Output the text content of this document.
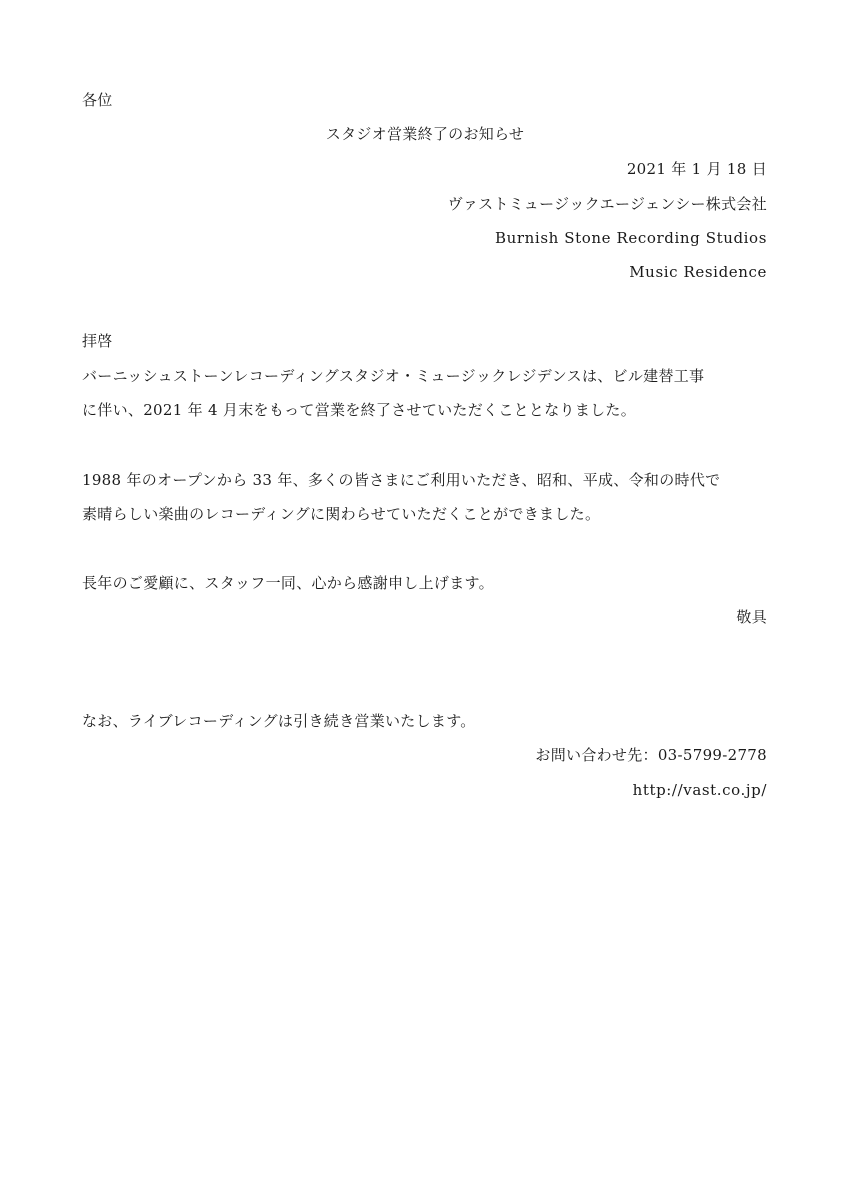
各位
スタジオ営業終了のお知らせ
2021 年 1 月 18 日
ヴァストミュージックエージェンシー株式会社
Burnish Stone Recording Studios
Music Residence
拝啓
バーニッシュストーンレコーディングスタジオ・ミュージックレジデンスは、ビル建替工事
に伴い、2021 年 4 月末をもって営業を終了させていただくこととなりました。
1988 年のオープンから 33 年、多くの皆さまにご利用いただき、昭和、平成、令和の時代で
素晴らしい楽曲のレコーディングに関わらせていただくことができました。
長年のご愛顧に、スタッフ一同、心から感謝申し上げます。
敬具
なお、ライブレコーディングは引き続き営業いたします。
お問い合わせ先：03-5799-2778
http://vast.co.jp/
